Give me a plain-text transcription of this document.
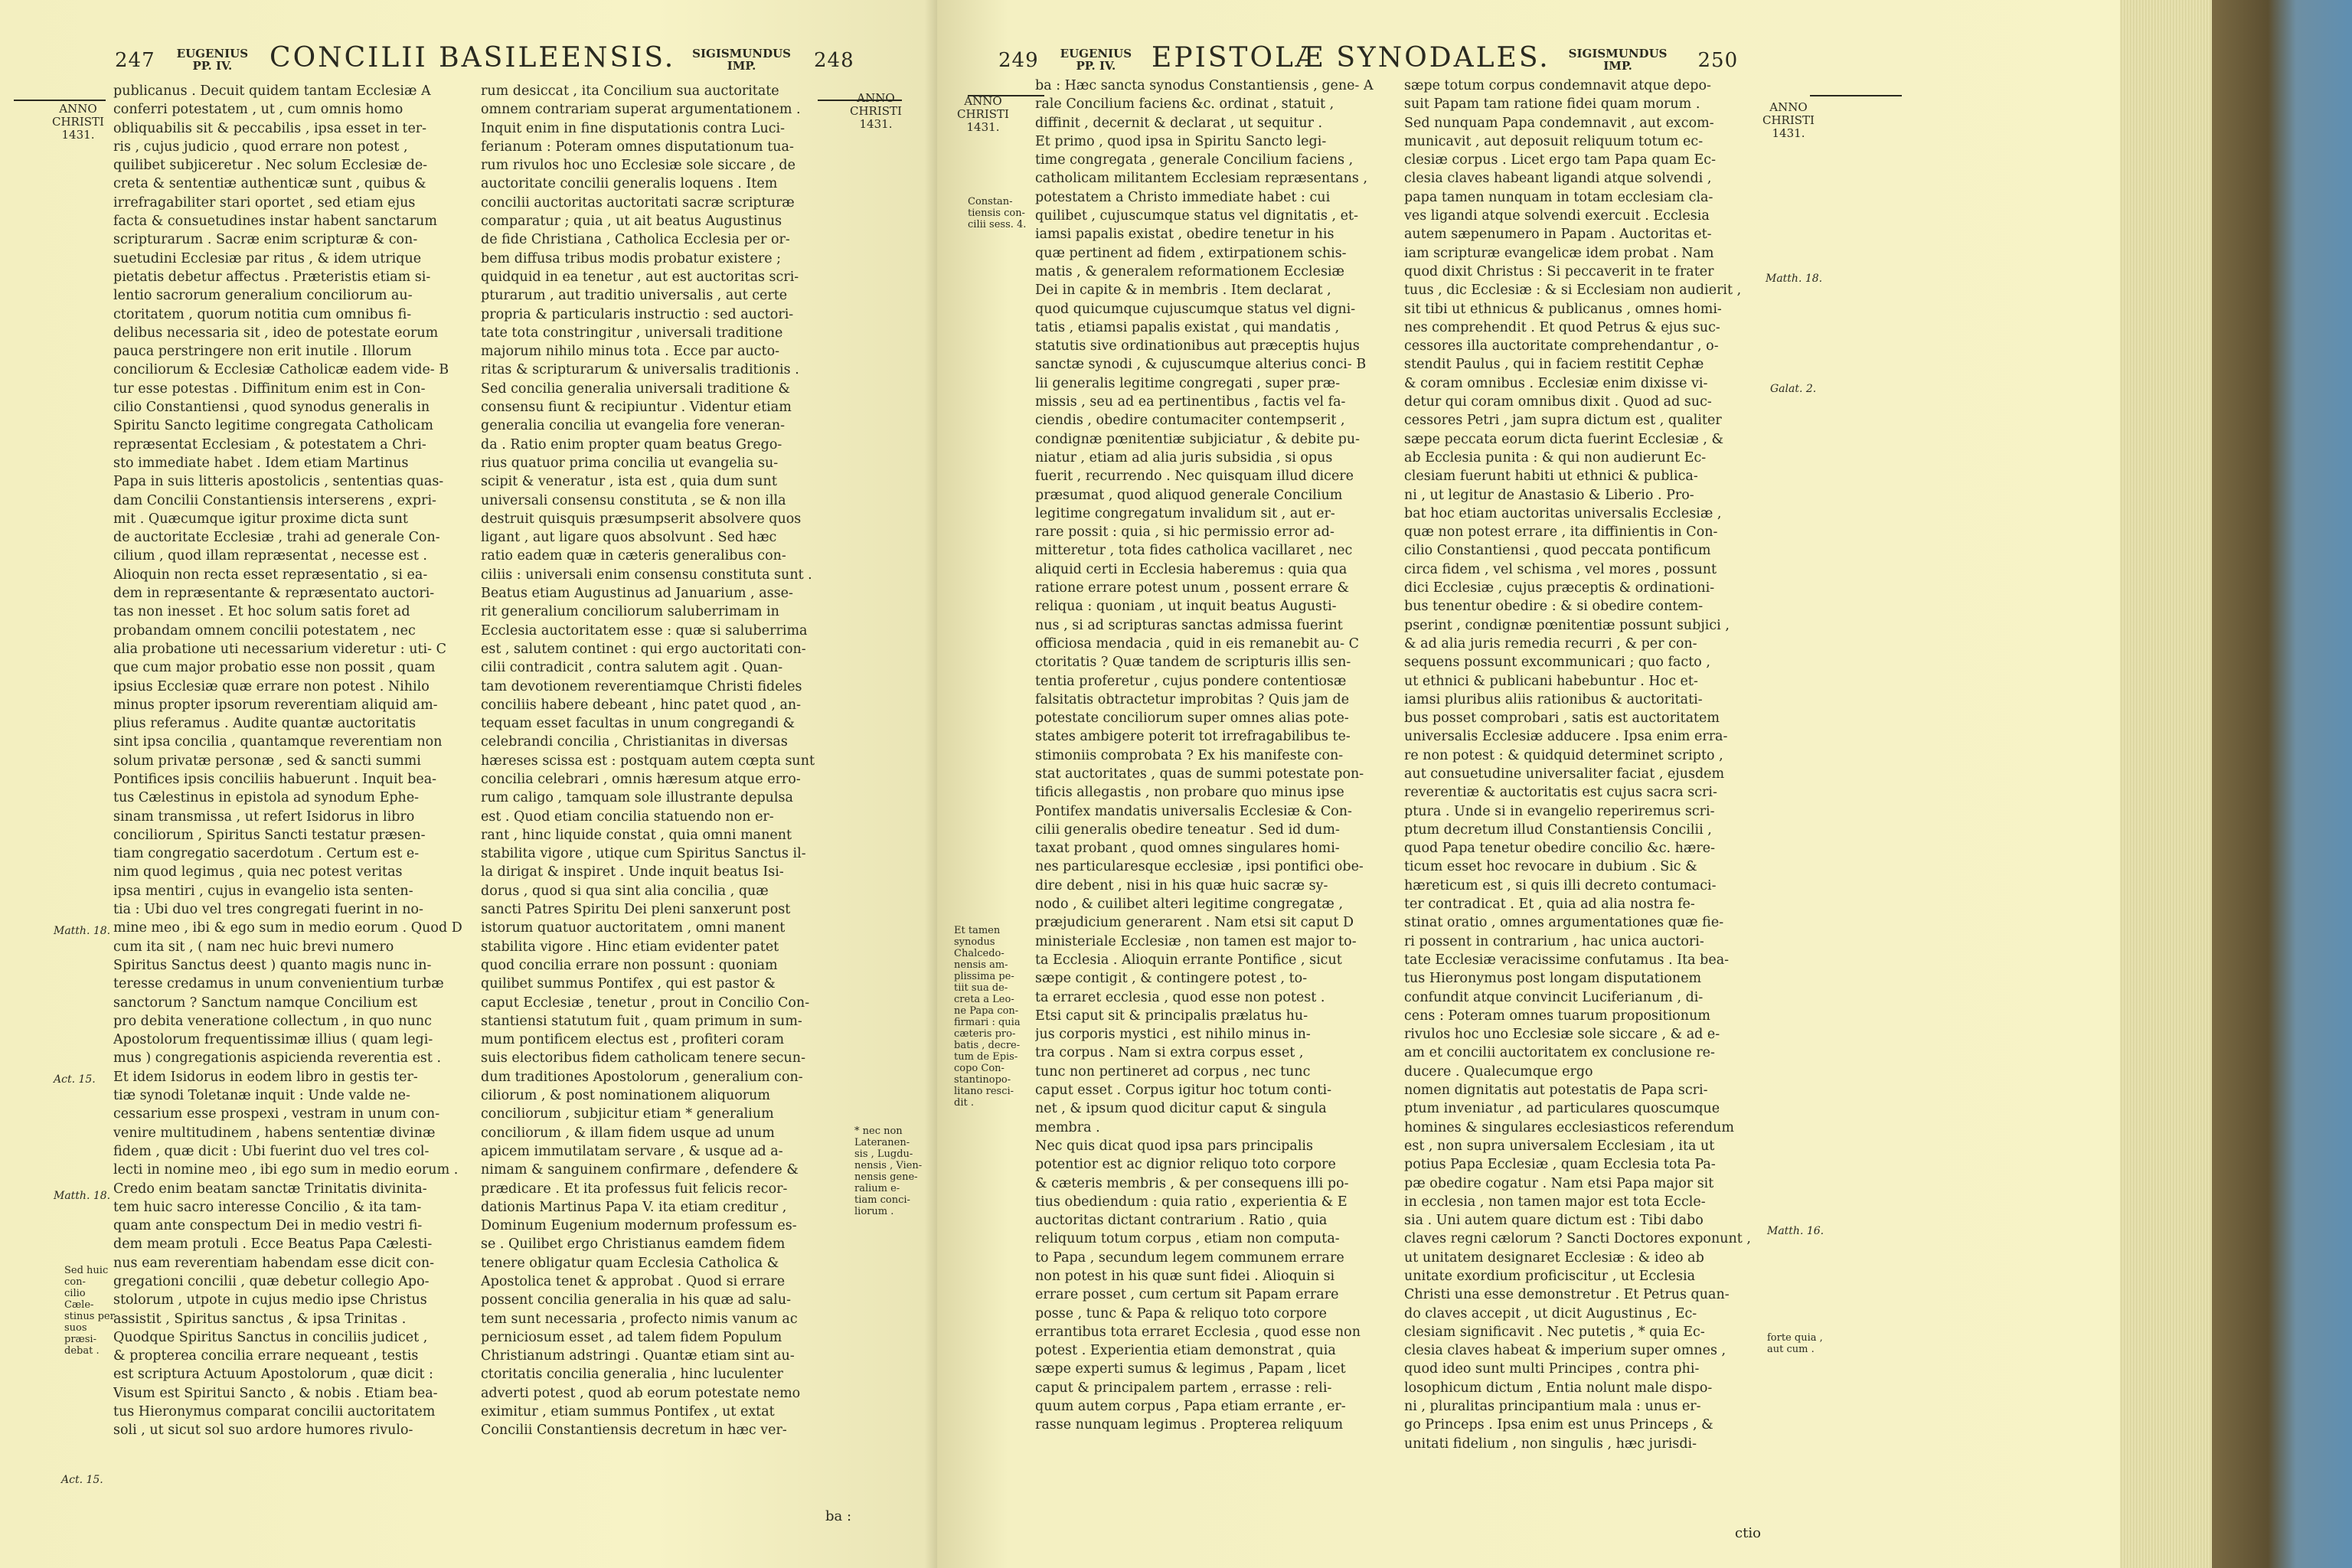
247 EUGENIUS
PP. IV.	CONCILII BASILEENSIS. SIGISMUNDUS
IMP.	248
ANNO
CHRISTI
1431.
ANNO
CHRISTI
1431.
publicanus . Decuit quidem tantam Ecclesiæ A
conferri potestatem , ut , cum omnis homo
obliquabilis sit & peccabilis , ipsa esset in ter-
ris , cujus judicio , quod errare non potest ,
quilibet subjiceretur . Nec solum Ecclesiæ de-
creta & sententiæ authenticæ sunt , quibus &
irrefragabiliter stari oportet , sed etiam ejus
facta & consuetudines instar habent sanctarum
scripturarum . Sacræ enim scripturæ & con-
suetudini Ecclesiæ par ritus , & idem utrique
pietatis debetur affectus . Præteristis etiam si-
lentio sacrorum generalium conciliorum au-
ctoritatem , quorum notitia cum omnibus fi-
delibus necessaria sit , ideo de potestate eorum
pauca perstringere non erit inutile . Illorum
conciliorum & Ecclesiæ Catholicæ eadem vide- B
tur esse potestas . Diffinitum enim est in Con-
cilio Constantiensi , quod synodus generalis in
Spiritu Sancto legitime congregata Catholicam
repræsentat Ecclesiam , & potestatem a Chri-
sto immediate habet . Idem etiam Martinus
Papa in suis litteris apostolicis , sententias quas-
dam Concilii Constantiensis interserens , expri-
mit . Quæcumque igitur proxime dicta sunt
de auctoritate Ecclesiæ , trahi ad generale Con-
cilium , quod illam repræsentat , necesse est .
Alioquin non recta esset repræsentatio , si ea-
dem in repræsentante & repræsentato auctori-
tas non inesset . Et hoc solum satis foret ad
probandam omnem concilii potestatem , nec
alia probatione uti necessarium videretur : uti- C
que cum major probatio esse non possit , quam
ipsius Ecclesiæ quæ errare non potest . Nihilo
minus propter ipsorum reverentiam aliquid am-
plius referamus . Audite quantæ auctoritatis
sint ipsa concilia , quantamque reverentiam non
solum privatæ personæ , sed & sancti summi
Pontifices ipsis conciliis habuerunt . Inquit bea-
tus Cælestinus in epistola ad synodum Ephe-
sinam transmissa , ut refert Isidorus in libro
conciliorum , Spiritus Sancti testatur præsen-
tiam congregatio sacerdotum . Certum est e-
nim quod legimus , quia nec potest veritas
ipsa mentiri , cujus in evangelio ista senten-
tia : Ubi duo vel tres congregati fuerint in no-
mine meo , ibi & ego sum in medio eorum . Quod D
cum ita sit , ( nam nec huic brevi numero
Spiritus Sanctus deest ) quanto magis nunc in-
teresse credamus in unum convenientium turbæ
sanctorum ? Sanctum namque Concilium est
pro debita veneratione collectum , in quo nunc
Apostolorum frequentissimæ illius ( quam legi-
mus ) congregationis aspicienda reverentia est .
Et idem Isidorus in eodem libro in gestis ter-
tiæ synodi Toletanæ inquit : Unde valde ne-
cessarium esse prospexi , vestram in unum con-
venire multitudinem , habens sententiæ divinæ
fidem , quæ dicit : Ubi fuerint duo vel tres col-
lecti in nomine meo , ibi ego sum in medio eorum .
Credo enim beatam sanctæ Trinitatis divinita-
tem huic sacro interesse Concilio , & ita tam-
quam ante conspectum Dei in medio vestri fi-
dem meam protuli . Ecce Beatus Papa Cælesti-
nus eam reverentiam habendam esse dicit con-
gregationi concilii , quæ debetur collegio Apo-
stolorum , utpote in cujus medio ipse Christus
assistit , Spiritus sanctus , & ipsa Trinitas .
Quodque Spiritus Sanctus in conciliis judicet ,
& propterea concilia errare nequeant , testis
est scriptura Actuum Apostolorum , quæ dicit :
Visum est Spiritui Sancto , & nobis . Etiam bea-
tus Hieronymus comparat concilii auctoritatem
soli , ut sicut sol suo ardore humores rivulo-
rum desiccat , ita Concilium sua auctoritate
omnem contrariam superat argumentationem .
Inquit enim in fine disputationis contra Luci-
ferianum : Poteram omnes disputationum tua-
rum rivulos hoc uno Ecclesiæ sole siccare , de
auctoritate concilii generalis loquens . Item
concilii auctoritas auctoritati sacræ scripturæ
comparatur ; quia , ut ait beatus Augustinus
de fide Christiana , Catholica Ecclesia per or-
bem diffusa tribus modis probatur existere ;
quidquid in ea tenetur , aut est auctoritas scri-
pturarum , aut traditio universalis , aut certe
propria & particularis instructio : sed auctori-
tate tota constringitur , universali traditione
majorum nihilo minus tota . Ecce par aucto-
ritas & scripturarum & universalis traditionis .
Sed concilia generalia universali traditione &
consensu fiunt & recipiuntur . Videntur etiam
generalia concilia ut evangelia fore veneran-
da . Ratio enim propter quam beatus Grego-
rius quatuor prima concilia ut evangelia su-
scipit & veneratur , ista est , quia dum sunt
universali consensu constituta , se & non illa
destruit quisquis præsumpserit absolvere quos
ligant , aut ligare quos absolvunt . Sed hæc
ratio eadem quæ in cæteris generalibus con-
ciliis : universali enim consensu constituta sunt .
Beatus etiam Augustinus ad Januarium , asse-
rit generalium conciliorum saluberrimam in
Ecclesia auctoritatem esse : quæ si saluberrima
est , salutem continet : qui ergo auctoritati con-
cilii contradicit , contra salutem agit . Quan-
tam devotionem reverentiamque Christi fideles
conciliis habere debeant , hinc patet quod , an-
tequam esset facultas in unum congregandi &
celebrandi concilia , Christianitas in diversas
hæreses scissa est : postquam autem cœpta sunt
concilia celebrari , omnis hæresum atque erro-
rum caligo , tamquam sole illustrante depulsa
est . Quod etiam concilia statuendo non er-
rant , hinc liquide constat , quia omni manent
stabilita vigore , utique cum Spiritus Sanctus il-
la dirigat & inspiret . Unde inquit beatus Isi-
dorus , quod si qua sint alia concilia , quæ
sancti Patres Spiritu Dei pleni sanxerunt post
istorum quatuor auctoritatem , omni manent
stabilita vigore . Hinc etiam evidenter patet
quod concilia errare non possunt : quoniam
quilibet summus Pontifex , qui est pastor &
caput Ecclesiæ , tenetur , prout in Concilio Con-
stantiensi statutum fuit , quam primum in sum-
mum pontificem electus est , profiteri coram
suis electoribus fidem catholicam tenere secun-
dum traditiones Apostolorum , generalium con-
ciliorum , & post nominationem aliquorum
conciliorum , subjicitur etiam * generalium
conciliorum , & illam fidem usque ad unum
apicem immutilatam servare , & usque ad a-
nimam & sanguinem confirmare , defendere &
prædicare . Et ita professus fuit felicis recor-
dationis Martinus Papa V. ita etiam creditur ,
Dominum Eugenium modernum professum es-
se . Quilibet ergo Christianus eamdem fidem
tenere obligatur quam Ecclesia Catholica &
Apostolica tenet & approbat . Quod si errare
possent concilia generalia in his quæ ad salu-
tem sunt necessaria , profecto nimis vanum ac
perniciosum esset , ad talem fidem Populum
Christianum adstringi . Quantæ etiam sint au-
ctoritatis concilia generalia , hinc luculenter
adverti potest , quod ab eorum potestate nemo
eximitur , etiam summus Pontifex , ut extat
Concilii Constantiensis decretum in hæc ver-
ba :
Matth. 18.
Act. 15.
Matth. 18.
Act. 15.
Sed huic con-
cilio Cæle-
stinus per
suos præsi-
debat .
* nec non
Lateranen-
sis , Lugdu-
nensis , Vien-
nensis gene-
ralium e-
tiam conci-
liorum .
249 EUGENIUS
PP. IV.	EPISTOLÆ SYNODALES. SIGISMUNDUS
IMP.	250
ANNO
CHRISTI
1431.
ANNO
CHRISTI
1431.
ba : Hæc sancta synodus Constantiensis , gene- A
rale Concilium faciens &c. ordinat , statuit ,
diffinit , decernit & declarat , ut sequitur .
Et primo , quod ipsa in Spiritu Sancto legi-
time congregata , generale Concilium faciens ,
catholicam militantem Ecclesiam repræsentans ,
potestatem a Christo immediate habet : cui
quilibet , cujuscumque status vel dignitatis , et-
iamsi papalis existat , obedire tenetur in his
quæ pertinent ad fidem , extirpationem schis-
matis , & generalem reformationem Ecclesiæ
Dei in capite & in membris . Item declarat ,
quod quicumque cujuscumque status vel digni-
tatis , etiamsi papalis existat , qui mandatis ,
statutis sive ordinationibus aut præceptis hujus
sanctæ synodi , & cujuscumque alterius conci- B
lii generalis legitime congregati , super præ-
missis , seu ad ea pertinentibus , factis vel fa-
ciendis , obedire contumaciter contempserit ,
condignæ pœnitentiæ subjiciatur , & debite pu-
niatur , etiam ad alia juris subsidia , si opus
fuerit , recurrendo . Nec quisquam illud dicere
præsumat , quod aliquod generale Concilium
legitime congregatum invalidum sit , aut er-
rare possit : quia , si hic permissio error ad-
mitteretur , tota fides catholica vacillaret , nec
aliquid certi in Ecclesia haberemus : quia qua
ratione errare potest unum , possent errare &
reliqua : quoniam , ut inquit beatus Augusti-
nus , si ad scripturas sanctas admissa fuerint
officiosa mendacia , quid in eis remanebit au- C
ctoritatis ? Quæ tandem de scripturis illis sen-
tentia proferetur , cujus pondere contentiosæ
falsitatis obtractetur improbitas ? Quis jam de
potestate conciliorum super omnes alias pote-
states ambigere poterit tot irrefragabilibus te-
stimoniis comprobata ? Ex his manifeste con-
stat auctoritates , quas de summi potestate pon-
tificis allegastis , non probare quo minus ipse
Pontifex mandatis universalis Ecclesiæ & Con-
cilii generalis obedire teneatur . Sed id dum-
taxat probant , quod omnes singulares homi-
nes particularesque ecclesiæ , ipsi pontifici obe-
dire debent , nisi in his quæ huic sacræ sy-
nodo , & cuilibet alteri legitime congregatæ ,
præjudicium generarent . Nam etsi sit caput D
ministeriale Ecclesiæ , non tamen est major to-
ta Ecclesia . Alioquin errante Pontifice , sicut
sæpe contigit , & contingere potest , to-
ta erraret ecclesia , quod esse non potest .
Etsi caput sit & principalis prælatus hu-
jus corporis mystici , est nihilo minus in-
tra corpus . Nam si extra corpus esset ,
tunc non pertineret ad corpus , nec tunc
caput esset . Corpus igitur hoc totum conti-
net , & ipsum quod dicitur caput & singula
membra .
Nec quis dicat quod ipsa pars principalis
potentior est ac dignior reliquo toto corpore
& cæteris membris , & per consequens illi po-
tius obediendum : quia ratio , experientia & E
auctoritas dictant contrarium . Ratio , quia
reliquum totum corpus , etiam non computa-
to Papa , secundum legem communem errare
non potest in his quæ sunt fidei . Alioquin si
errare posset , cum certum sit Papam errare
posse , tunc & Papa & reliquo toto corpore
errantibus tota erraret Ecclesia , quod esse non
potest . Experientia etiam demonstrat , quia
sæpe experti sumus & legimus , Papam , licet
caput & principalem partem , errasse : reli-
quum autem corpus , Papa etiam errante , er-
rasse nunquam legimus . Propterea reliquum
sæpe totum corpus condemnavit atque depo-
suit Papam tam ratione fidei quam morum .
Sed nunquam Papa condemnavit , aut excom-
municavit , aut deposuit reliquum totum ec-
clesiæ corpus . Licet ergo tam Papa quam Ec-
clesia claves habeant ligandi atque solvendi ,
papa tamen nunquam in totam ecclesiam cla-
ves ligandi atque solvendi exercuit . Ecclesia
autem sæpenumero in Papam . Auctoritas et-
iam scripturæ evangelicæ idem probat . Nam
quod dixit Christus : Si peccaverit in te frater
tuus , dic Ecclesiæ : & si Ecclesiam non audierit ,
sit tibi ut ethnicus & publicanus , omnes homi-
nes comprehendit . Et quod Petrus & ejus suc-
cessores illa auctoritate comprehendantur , o-
stendit Paulus , qui in faciem restitit Cephæ
& coram omnibus . Ecclesiæ enim dixisse vi-
detur qui coram omnibus dixit . Quod ad suc-
cessores Petri , jam supra dictum est , qualiter
sæpe peccata eorum dicta fuerint Ecclesiæ , &
ab Ecclesia punita : & qui non audierunt Ec-
clesiam fuerunt habiti ut ethnici & publica-
ni , ut legitur de Anastasio & Liberio . Pro-
bat hoc etiam auctoritas universalis Ecclesiæ ,
quæ non potest errare , ita diffinientis in Con-
cilio Constantiensi , quod peccata pontificum
circa fidem , vel schisma , vel mores , possunt
dici Ecclesiæ , cujus præceptis & ordinationi-
bus tenentur obedire : & si obedire contem-
pserint , condignæ pœnitentiæ possunt subjici ,
& ad alia juris remedia recurri , & per con-
sequens possunt excommunicari ; quo facto ,
ut ethnici & publicani habebuntur . Hoc et-
iamsi pluribus aliis rationibus & auctoritati-
bus posset comprobari , satis est auctoritatem
universalis Ecclesiæ adducere . Ipsa enim erra-
re non potest : & quidquid determinet scripto ,
aut consuetudine universaliter faciat , ejusdem
reverentiæ & auctoritatis est cujus sacra scri-
ptura . Unde si in evangelio reperiremus scri-
ptum decretum illud Constantiensis Concilii ,
quod Papa tenetur obedire concilio &c. hære-
ticum esset hoc revocare in dubium . Sic &
hæreticum est , si quis illi decreto contumaci-
ter contradicat . Et , quia ad alia nostra fe-
stinat oratio , omnes argumentationes quæ fie-
ri possent in contrarium , hac unica auctori-
tate Ecclesiæ veracissime confutamus . Ita bea-
tus Hieronymus post longam disputationem
confundit atque convincit Luciferianum , di-
cens : Poteram omnes tuarum propositionum
rivulos hoc uno Ecclesiæ sole siccare , & ad e-
am et concilii auctoritatem ex conclusione re-
ducere . Qualecumque ergo
nomen dignitatis aut potestatis de Papa scri-
ptum inveniatur , ad particulares quoscumque
homines & singulares ecclesiasticos referendum
est , non supra universalem Ecclesiam , ita ut
potius Papa Ecclesiæ , quam Ecclesia tota Pa-
pæ obedire cogatur . Nam etsi Papa major sit
in ecclesia , non tamen major est tota Eccle-
sia . Uni autem quare dictum est : Tibi dabo
claves regni cælorum ? Sancti Doctores exponunt ,
ut unitatem designaret Ecclesiæ : & ideo ab
unitate exordium proficiscitur , ut Ecclesia
Christi una esse demonstretur . Et Petrus quan-
do claves accepit , ut dicit Augustinus , Ec-
clesiam significavit . Nec putetis , * quia Ec-
clesia claves habeat & imperium super omnes ,
quod ideo sunt multi Principes , contra phi-
losophicum dictum , Entia nolunt male dispo-
ni , pluralitas principantium mala : unus er-
go Princeps . Ipsa enim est unus Princeps , &
unitati fidelium , non singulis , hæc jurisdi-
ctio
Constan-
tiensis con-
cilii sess. 4.
Et tamen
synodus
Chalcedo-
nensis am-
plissima pe-
tiit sua de-
creta a Leo-
ne Papa con-
firmari : quia
cæteris pro-
batis , decre-
tum de Epis-
copo Con-
stantinopo-
litano resci-
dit .
Matth. 18.
Galat. 2.
Matth. 16.
forte quia ,
aut cum .
